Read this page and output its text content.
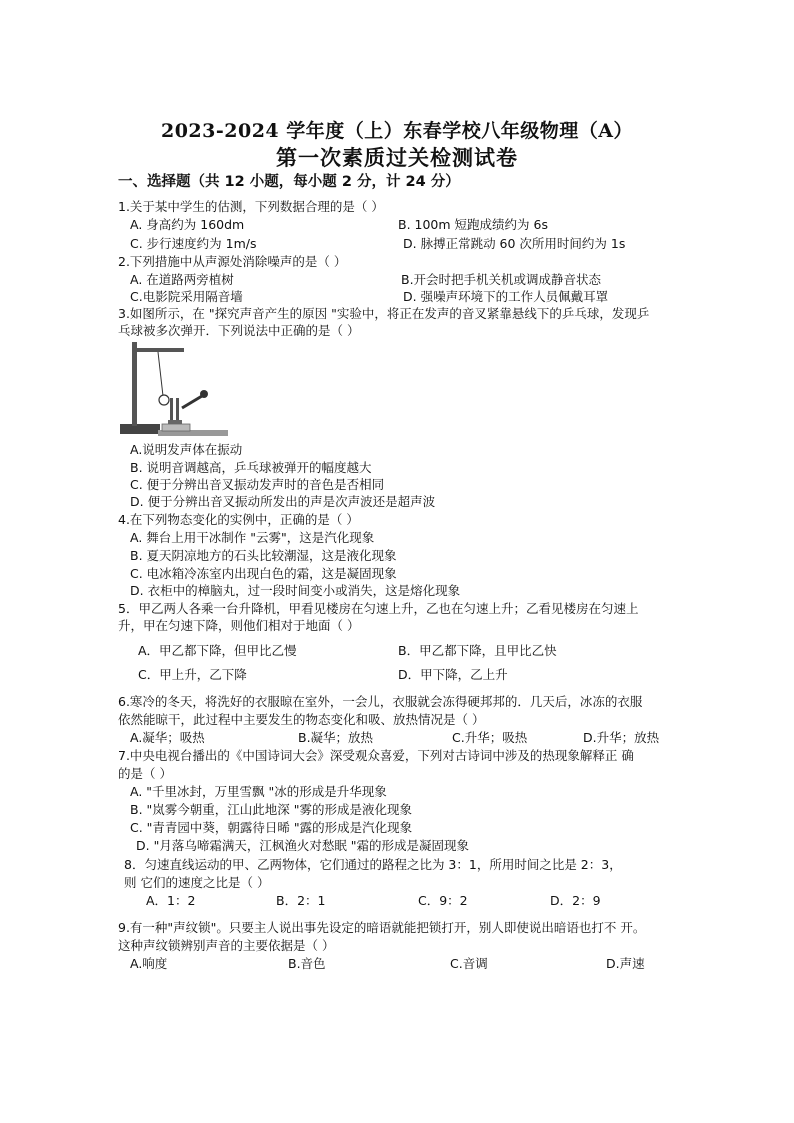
2023-2024 学年度（上）东春学校八年级物理（A）
第一次素质过关检测试卷
一、选择题（共 12 小题，每小题 2 分，计 24 分）
1.关于某中学生的估测，下列数据合理的是（ ）
A. 身高约为 160dm	B. 100m 短跑成绩约为 6s
C. 步行速度约为 1m/s	D. 脉搏正常跳动 60 次所用时间约为 1s
2.下列措施中从声源处消除噪声的是（ ）
A. 在道路两旁植树	B.开会时把手机关机或调成静音状态
C.电影院采用隔音墙	D. 强噪声环境下的工作人员佩戴耳罩
3.如图所示，在 "探究声音产生的原因 "实验中，将正在发声的音叉紧靠悬线下的乒乓球，发现乒
乓球被多次弹开．下列说法中正确的是（ ）
A.说明发声体在振动
B. 说明音调越高，乒乓球被弹开的幅度越大
C. 便于分辨出音叉振动发声时的音色是否相同
D. 便于分辨出音叉振动所发出的声是次声波还是超声波
4.在下列物态变化的实例中，正确的是（ ）
A. 舞台上用干冰制作 "云雾"，这是汽化现象
B. 夏天阴凉地方的石头比较潮湿，这是液化现象
C. 电冰箱冷冻室内出现白色的霜，这是凝固现象
D. 衣柜中的樟脑丸，过一段时间变小或消失，这是熔化现象
5．甲乙两人各乘一台升降机，甲看见楼房在匀速上升，乙也在匀速上升；乙看见楼房在匀速上
升，甲在匀速下降，则他们相对于地面（ ）
A．甲乙都下降，但甲比乙慢	B．甲乙都下降，且甲比乙快
C．甲上升，乙下降	D．甲下降，乙上升
6.寒冷的冬天，将洗好的衣服晾在室外，一会儿，衣服就会冻得硬邦邦的．几天后，冰冻的衣服
依然能晾干，此过程中主要发生的物态变化和吸、放热情况是（ ）
A.凝华；吸热	B.凝华；放热	C.升华；吸热	D.升华；放热
7.中央电视台播出的《中国诗词大会》深受观众喜爱，下列对古诗词中涉及的热现象解释正 确
的是（ ）
A. "千里冰封，万里雪飘 "冰的形成是升华现象
B. "岚雾今朝重，江山此地深 "雾的形成是液化现象
C. "青青园中葵，朝露待日晞 "露的形成是汽化现象
D. "月落乌啼霜满天，江枫渔火对愁眠 "霜的形成是凝固现象
8．匀速直线运动的甲、乙两物体，它们通过的路程之比为 3：1，所用时间之比是 2：3，
则 它们的速度之比是（ ）
A．1：2	B．2：1	C．9：2	D．2：9
9.有一种"声纹锁"。只要主人说出事先设定的暗语就能把锁打开，别人即使说出暗语也打不 开。
这种声纹锁辨别声音的主要依据是（ ）
A.响度	B.音色	C.音调	D.声速
